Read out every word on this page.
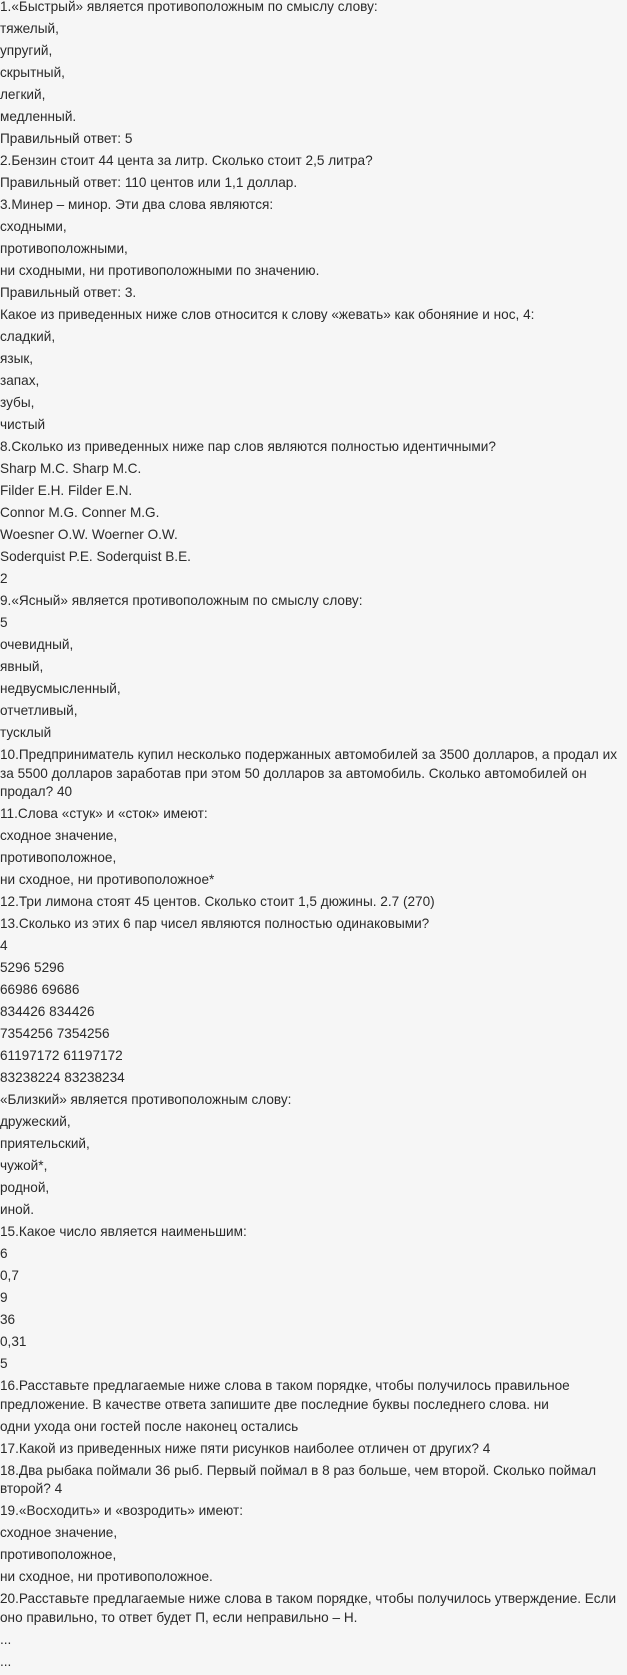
1.«Быстрый» является противоположным по смыслу слову:

тяжелый,

упругий,

скрытный,

легкий,

медленный.

Правильный ответ: 5

2.Бензин стоит 44 цента за литр. Сколько стоит 2,5 литра?

Правильный ответ: 110 центов или 1,1 доллар.

3.Минер – минор. Эти два слова являются:

сходными,

противоположными,

ни сходными, ни противоположными по значению.

Правильный ответ: 3.

Какое из приведенных ниже слов относится к слову «жевать» как обоняние и нос, 4:

сладкий,

язык,

запах,

зубы,

чистый

8.Сколько из приведенных ниже пар слов являются полностью идентичными?

Sharp M.C. Sharp M.C.

Filder E.H. Filder E.N.

Connor M.G. Conner M.G.

Woesner O.W. Woerner O.W.

Soderquist P.E. Soderquist B.E.

2

9.«Ясный» является противоположным по смыслу слову:

5

очевидный,

явный,

недвусмысленный,

отчетливый,

тусклый

10.Предприниматель купил несколько подержанных автомобилей за 3500 долларов, а продал их за 5500 долларов заработав при этом 50 долларов за автомобиль. Сколько автомобилей он продал? 40

11.Слова «стук» и «сток» имеют:

сходное значение,

противоположное,

ни сходное, ни противоположное*

12.Три лимона стоят 45 центов. Сколько стоит 1,5 дюжины. 2.7 (270)

13.Сколько из этих 6 пар чисел являются полностью одинаковыми?

4

5296 5296

66986 69686

834426 834426

7354256 7354256

61197172 61197172

83238224 83238234

«Близкий» является противоположным слову:

дружеский,

приятельский,

чужой*,

родной,

иной.

15.Какое число является наименьшим:

6

0,7

9

36

0,31

5

16.Расставьте предлагаемые ниже слова в таком порядке, чтобы получилось правильное предложение. В качестве ответа запишите две последние буквы последнего слова. ни

одни ухода они гостей после наконец остались

17.Какой из приведенных ниже пяти рисунков наиболее отличен от других? 4

18.Два рыбака поймали 36 рыб. Первый поймал в 8 раз больше, чем второй. Сколько поймал второй? 4

19.«Восходить» и «возродить» имеют:

сходное значение,

противоположное,

ни сходное, ни противоположное.

20.Расставьте предлагаемые ниже слова в таком порядке, чтобы получилось утверждение. Если оно правильно, то ответ будет П, если неправильно – Н.

...

...
